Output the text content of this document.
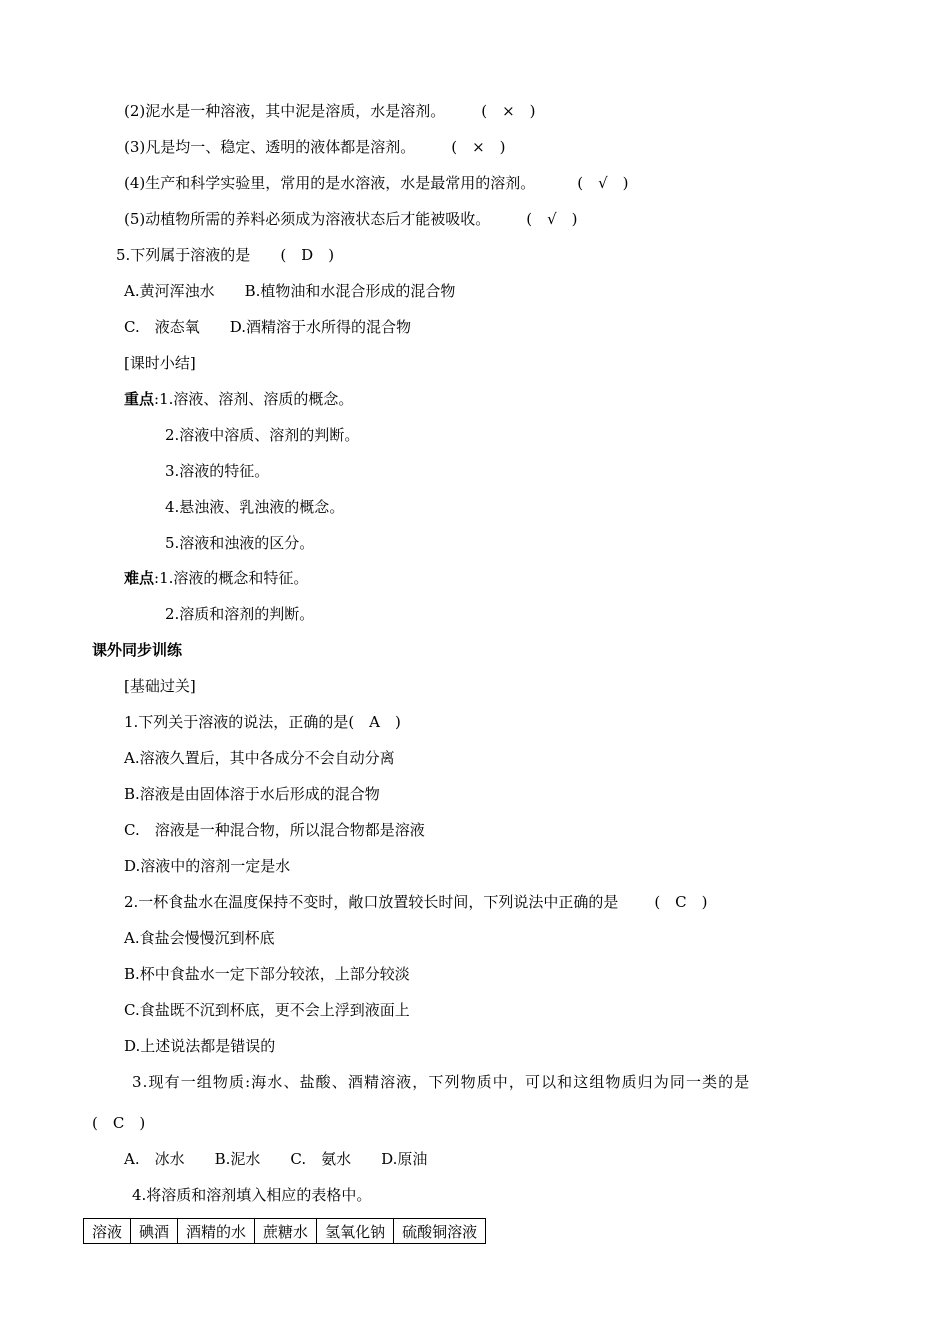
(2)泥水是一种溶液，其中泥是溶质，水是溶剂。 (　×　)
(3)凡是均一、稳定、透明的液体都是溶剂。 (　×　)
(4)生产和科学实验里，常用的是水溶液，水是最常用的溶剂。	(　√　)
(5)动植物所需的养料必须成为溶液状态后才能被吸收。 (　√　)
5.下列属于溶液的是 (　D　)
A.黄河浑浊水　　B.植物油和水混合形成的混合物
C.　液态氧　　D.酒精溶于水所得的混合物
[课时小结]
重点:1.溶液、溶剂、溶质的概念。
2.溶液中溶质、溶剂的判断。
3.溶液的特征。
4.悬浊液、乳浊液的概念。
5.溶液和浊液的区分。
难点:1.溶液的概念和特征。
2.溶质和溶剂的判断。
课外同步训练
[基础过关]
1.下列关于溶液的说法，正确的是(　A　)
A.溶液久置后，其中各成分不会自动分离
B.溶液是由固体溶于水后形成的混合物
C.　溶液是一种混合物，所以混合物都是溶液
D.溶液中的溶剂一定是水
2.一杯食盐水在温度保持不变时，敞口放置较长时间，下列说法中正确的是 (　C　)
A.食盐会慢慢沉到杯底
B.杯中食盐水一定下部分较浓，上部分较淡
C.食盐既不沉到杯底，更不会上浮到液面上
D.上述说法都是错误的
3.现有一组物质:海水、盐酸、酒精溶液，下列物质中，可以和这组物质归为同一类的是
(　C　)
A.　冰水　　B.泥水　　C.　氨水　　D.原油
4.将溶质和溶剂填入相应的表格中。
溶液	碘酒	酒精的水	蔗糖水	氢氧化钠	硫酸铜溶液
